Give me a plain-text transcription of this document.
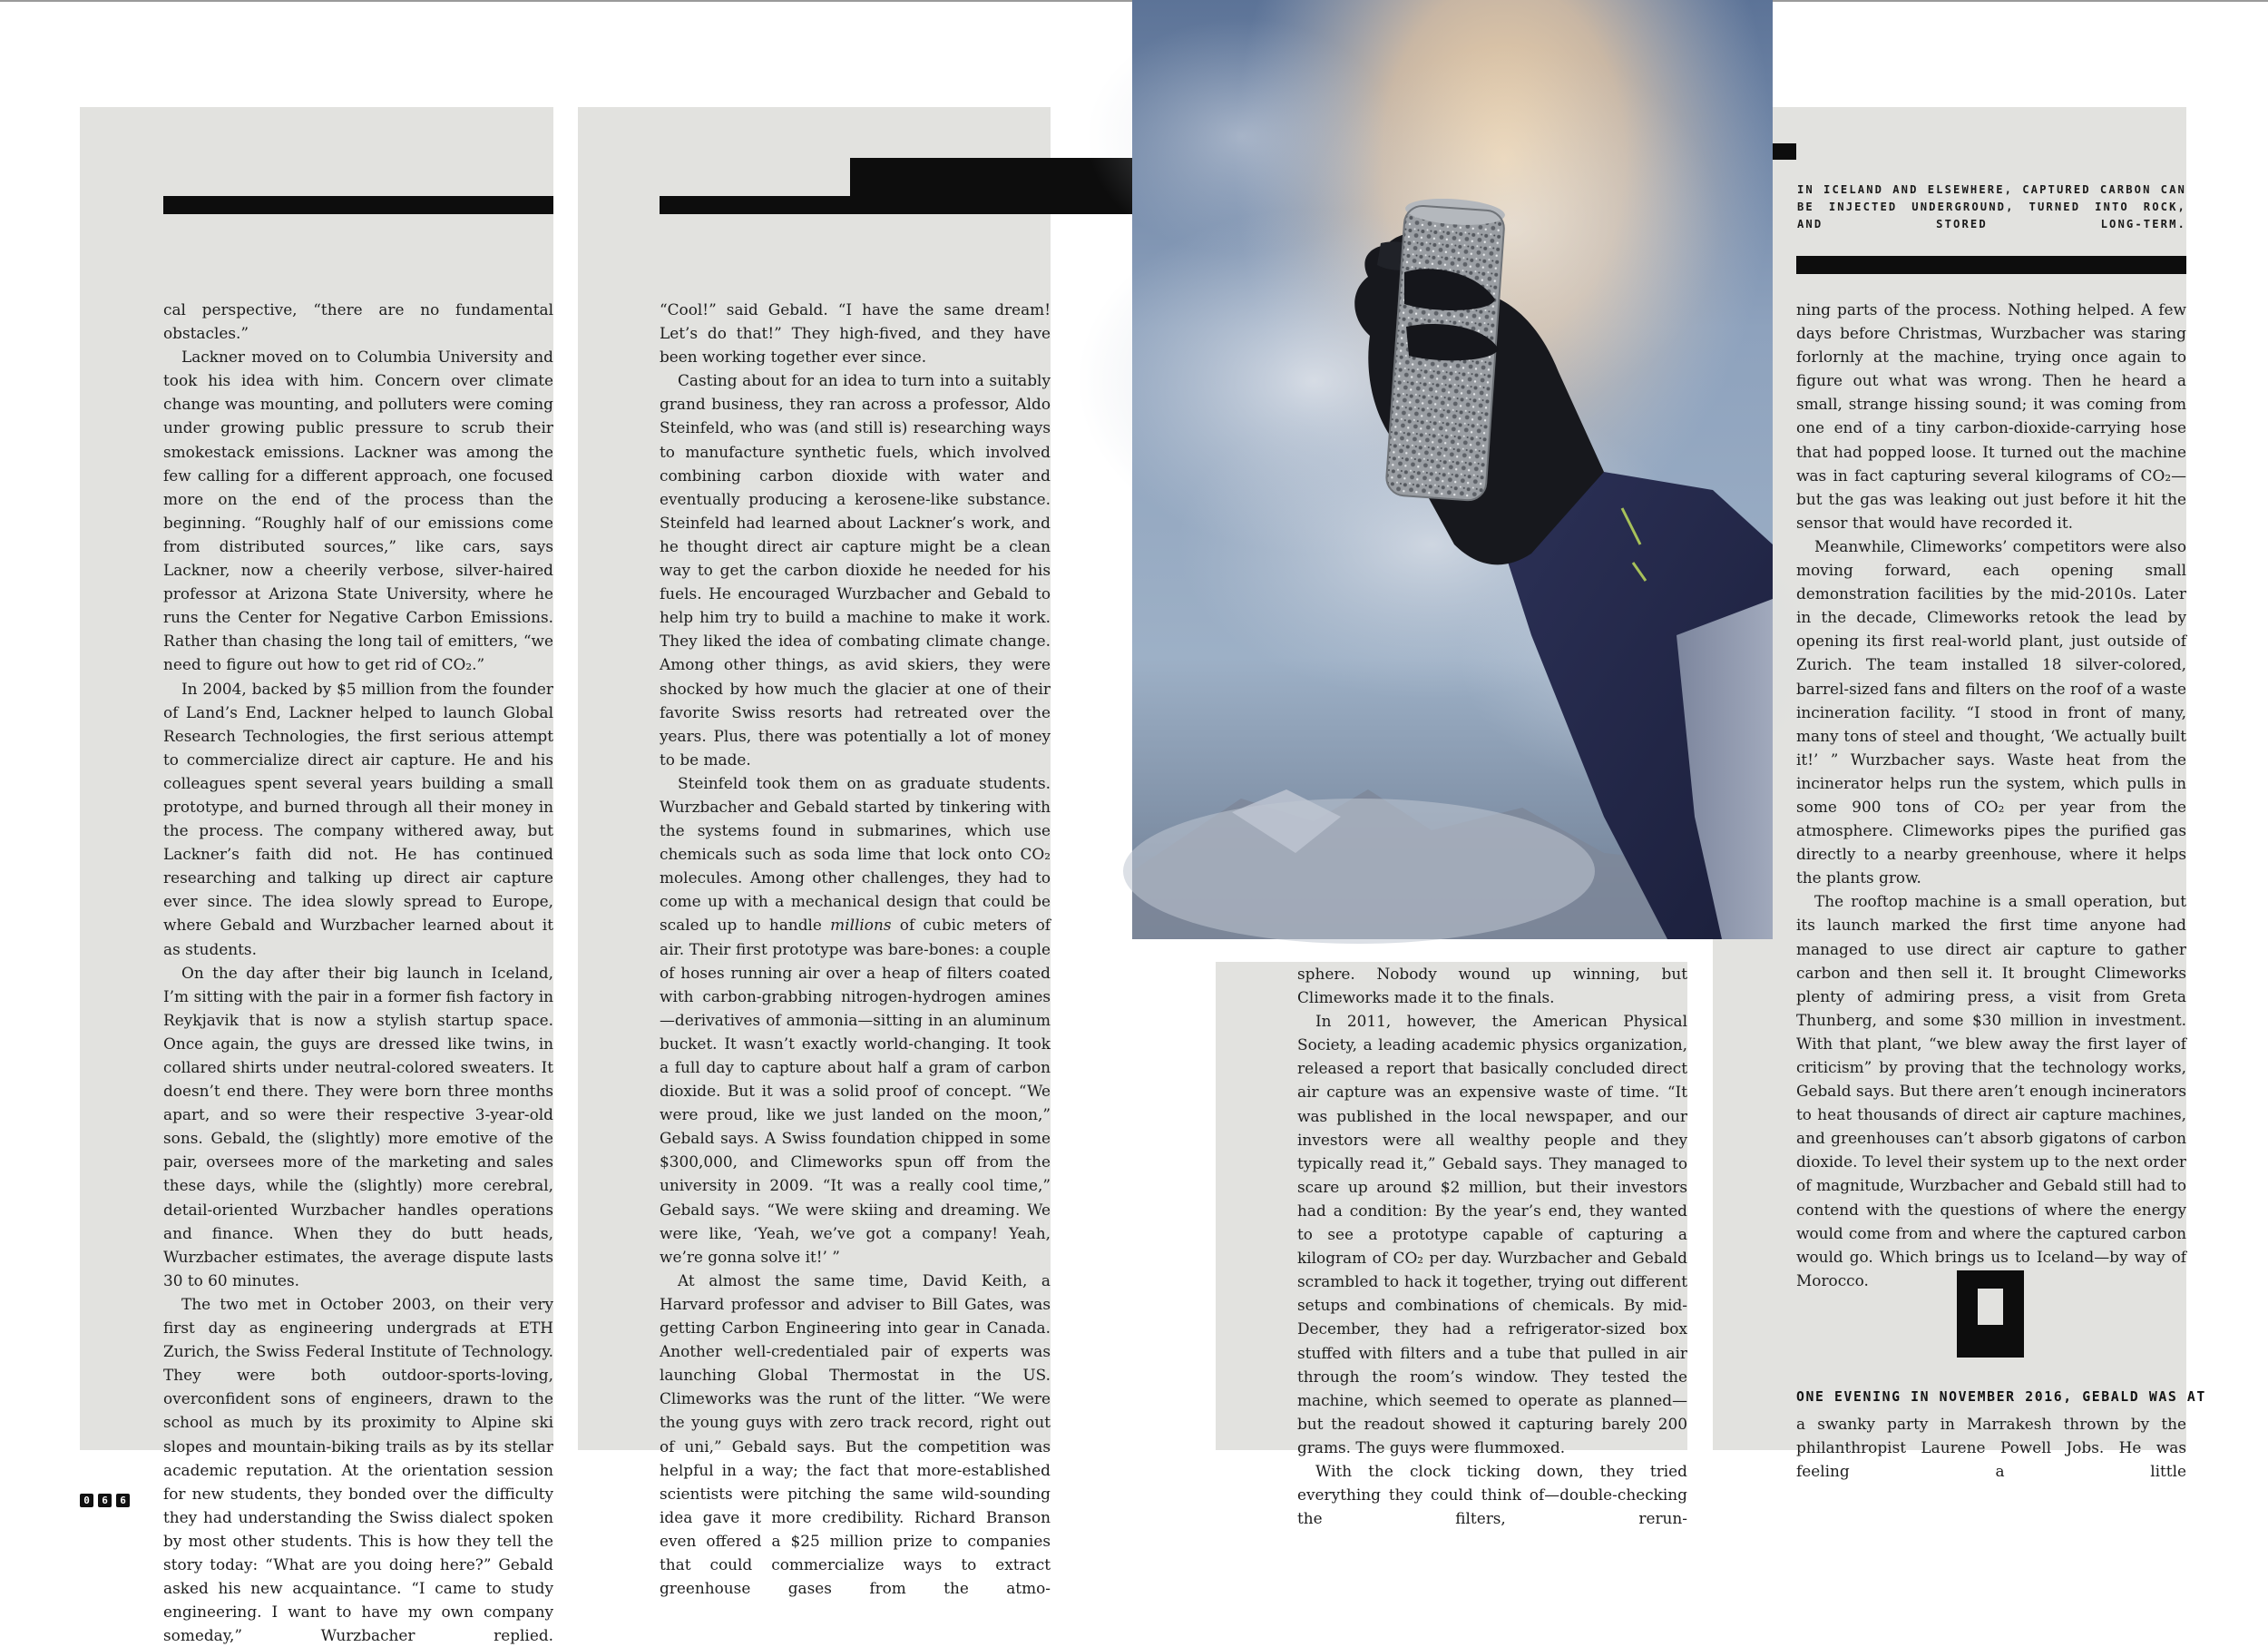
IN ICELAND AND ELSEWHERE, CAPTURED CARBON CAN BE INJECTED UNDERGROUND, TURNED INTO ROCK, AND STORED LONG-TERM.

cal perspective, “there are no fundamental obstacles.”

Lackner moved on to Columbia University and took his idea with him. Concern over climate change was mounting, and polluters were coming under growing public pressure to scrub their smokestack emissions. Lackner was among the few calling for a different approach, one focused more on the end of the process than the beginning. “Roughly half of our emissions come from distributed sources,” like cars, says Lackner, now a cheerily verbose, silver-haired professor at Arizona State University, where he runs the Center for Negative Carbon Emissions. Rather than chasing the long tail of emitters, “we need to figure out how to get rid of CO₂.”

In 2004, backed by $5 million from the founder of Land’s End, Lackner helped to launch Global Research Technologies, the first serious attempt to commercialize direct air capture. He and his colleagues spent several years building a small prototype, and burned through all their money in the process. The company withered away, but Lackner’s faith did not. He has continued researching and talking up direct air capture ever since. The idea slowly spread to Europe, where Gebald and Wurzbacher learned about it as students.

On the day after their big launch in Iceland, I’m sitting with the pair in a former fish factory in Reykjavik that is now a stylish startup space. Once again, the guys are dressed like twins, in collared shirts under neutral-colored sweaters. It doesn’t end there. They were born three months apart, and so were their respective 3-year-old sons. Gebald, the (slightly) more emotive of the pair, oversees more of the marketing and sales these days, while the (slightly) more cerebral, detail-oriented Wurzbacher handles operations and finance. When they do butt heads, Wurzbacher estimates, the average dispute lasts 30 to 60 minutes.

The two met in October 2003, on their very first day as engineering undergrads at ETH Zurich, the Swiss Federal Institute of Technology. They were both outdoor-sports-loving, overconfident sons of engineers, drawn to the school as much by its proximity to Alpine ski slopes and mountain-biking trails as by its stellar academic reputation. At the orientation session for new students, they bonded over the difficulty they had understanding the Swiss dialect spoken by most other students. This is how they tell the story today: “What are you doing here?” Gebald asked his new acquaintance. “I came to study engineering. I want to have my own company someday,” Wurzbacher replied.

“Cool!” said Gebald. “I have the same dream! Let’s do that!” They high-fived, and they have been working together ever since.

Casting about for an idea to turn into a suitably grand business, they ran across a professor, Aldo Steinfeld, who was (and still is) researching ways to manufacture synthetic fuels, which involved combining carbon dioxide with water and eventually producing a kerosene-like substance. Steinfeld had learned about Lackner’s work, and he thought direct air capture might be a clean way to get the carbon dioxide he needed for his fuels. He encouraged Wurzbacher and Gebald to help him try to build a machine to make it work. They liked the idea of combating climate change. Among other things, as avid skiers, they were shocked by how much the glacier at one of their favorite Swiss resorts had retreated over the years. Plus, there was potentially a lot of money to be made.

Steinfeld took them on as graduate students. Wurzbacher and Gebald started by tinkering with the systems found in submarines, which use chemicals such as soda lime that lock onto CO₂ molecules. Among other challenges, they had to come up with a mechanical design that could be scaled up to handle millions of cubic meters of air. Their first prototype was bare-bones: a couple of hoses running air over a heap of filters coated with carbon-grabbing nitrogen-hydrogen amines—derivatives of ammonia—sitting in an aluminum bucket. It wasn’t exactly world-changing. It took a full day to capture about half a gram of carbon dioxide. But it was a solid proof of concept. “We were proud, like we just landed on the moon,” Gebald says. A Swiss foundation chipped in some $300,000, and Climeworks spun off from the university in 2009. “It was a really cool time,” Gebald says. “We were skiing and dreaming. We were like, ‘Yeah, we’ve got a company! Yeah, we’re gonna solve it!’ ”

At almost the same time, David Keith, a Harvard professor and adviser to Bill Gates, was getting Carbon Engineering into gear in Canada. Another well-credentialed pair of experts was launching Global Thermostat in the US. Climeworks was the runt of the litter. “We were the young guys with zero track record, right out of uni,” Gebald says. But the competition was helpful in a way; the fact that more-established scientists were pitching the same wild-sounding idea gave it more credibility. Richard Branson even offered a $25 million prize to companies that could commercialize ways to extract greenhouse gases from the atmo-

sphere. Nobody wound up winning, but Climeworks made it to the finals.

In 2011, however, the American Physical Society, a leading academic physics organization, released a report that basically concluded direct air capture was an expensive waste of time. “It was published in the local newspaper, and our investors were all wealthy people and they typically read it,” Gebald says. They managed to scare up around $2 million, but their investors had a condition: By the year’s end, they wanted to see a prototype capable of capturing a kilogram of CO₂ per day. Wurzbacher and Gebald scrambled to hack it together, trying out different setups and combinations of chemicals. By mid-December, they had a refrigerator-sized box stuffed with filters and a tube that pulled in air through the room’s window. They tested the machine, which seemed to operate as planned—but the readout showed it capturing barely 200 grams. The guys were flummoxed.

With the clock ticking down, they tried everything they could think of—double-checking the filters, rerun-

ning parts of the process. Nothing helped. A few days before Christmas, Wurzbacher was staring forlornly at the machine, trying once again to figure out what was wrong. Then he heard a small, strange hissing sound; it was coming from one end of a tiny carbon-dioxide-carrying hose that had popped loose. It turned out the machine was in fact capturing several kilograms of CO₂—but the gas was leaking out just before it hit the sensor that would have recorded it.

Meanwhile, Climeworks’ competitors were also moving forward, each opening small demonstration facilities by the mid-2010s. Later in the decade, Climeworks retook the lead by opening its first real-world plant, just outside of Zurich. The team installed 18 silver-colored, barrel-sized fans and filters on the roof of a waste incineration facility. “I stood in front of many, many tons of steel and thought, ‘We actually built it!’ ” Wurzbacher says. Waste heat from the incinerator helps run the system, which pulls in some 900 tons of CO₂ per year from the atmosphere. Climeworks pipes the purified gas directly to a nearby greenhouse, where it helps the plants grow.

The rooftop machine is a small operation, but its launch marked the first time anyone had managed to use direct air capture to gather carbon and then sell it. It brought Climeworks plenty of admiring press, a visit from Greta Thunberg, and some $30 million in investment. With that plant, “we blew away the first layer of criticism” by proving that the technology works, Gebald says. But there aren’t enough incinerators to heat thousands of direct air capture machines, and greenhouses can’t absorb gigatons of carbon dioxide. To level their system up to the next order of magnitude, Wurzbacher and Gebald still had to contend with the questions of where the energy would come from and where the captured carbon would go. Which brings us to Iceland—by way of Morocco.

ONE EVENING IN NOVEMBER 2016, GEBALD WAS AT

a swanky party in Marrakesh thrown by the philanthropist Laurene Powell Jobs. He was feeling a little

0	6	6
